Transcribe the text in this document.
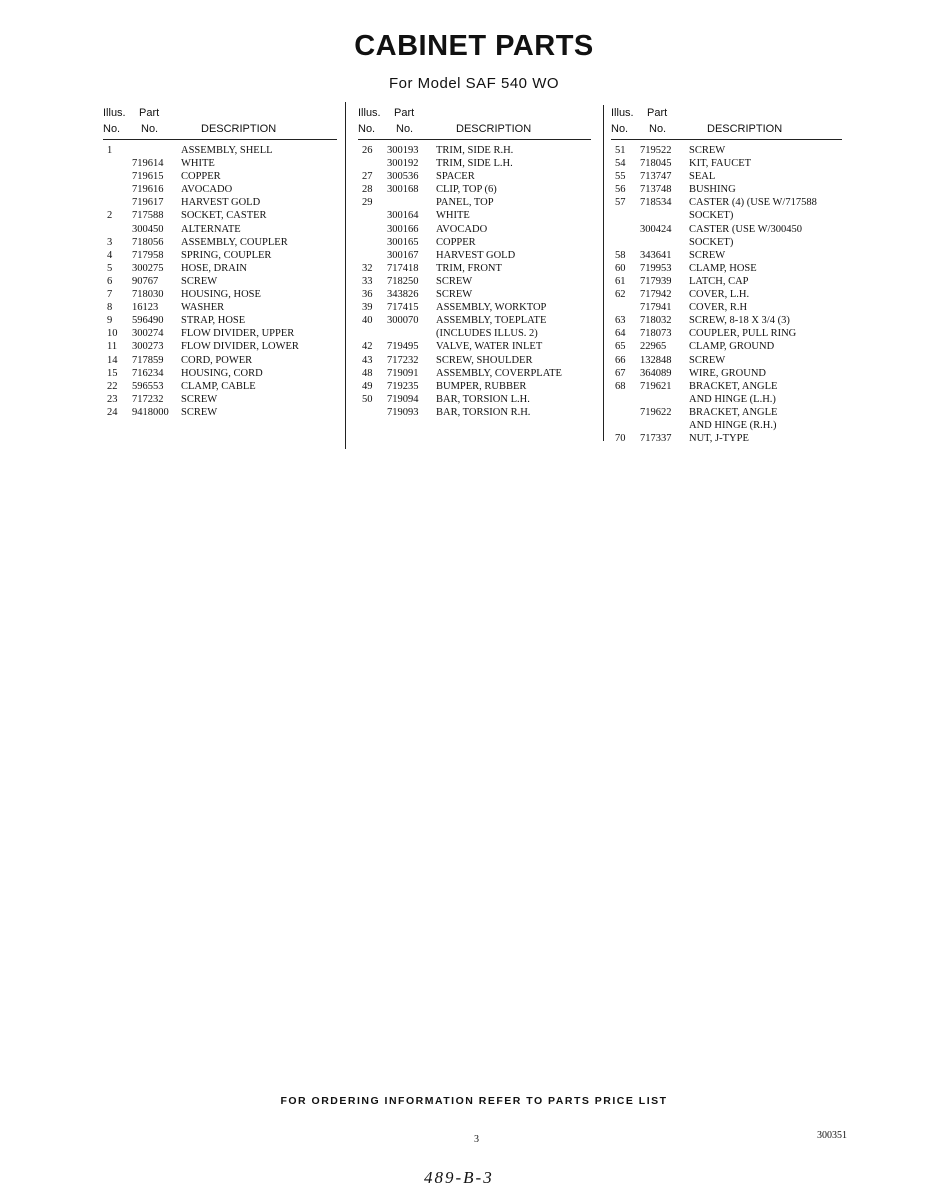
CABINET PARTS
For Model SAF 540 WO
Illus. Part
No. No.	DESCRIPTION
1	ASSEMBLY, SHELL
719614 WHITE
719615 COPPER
719616 AVOCADO
719617 HARVEST GOLD
2 717588 SOCKET, CASTER
300450 ALTERNATE
3 718056 ASSEMBLY, COUPLER
4 717958 SPRING, COUPLER
5 300275 HOSE, DRAIN
6 90767 SCREW
7 718030 HOUSING, HOSE
8 16123 WASHER
9 596490 STRAP, HOSE
10 300274 FLOW DIVIDER, UPPER
11 300273 FLOW DIVIDER, LOWER
14 717859 CORD, POWER
15 716234 HOUSING, CORD
22 596553 CLAMP, CABLE
23 717232 SCREW
24 9418000 SCREW
Illus. Part
No. No.	DESCRIPTION
26 300193 TRIM, SIDE R.H.
300192 TRIM, SIDE L.H.
27 300536 SPACER
28 300168 CLIP, TOP (6)
29	PANEL, TOP
300164 WHITE
300166 AVOCADO
300165 COPPER
300167 HARVEST GOLD
32 717418 TRIM, FRONT
33 718250 SCREW
36 343826 SCREW
39 717415 ASSEMBLY, WORKTOP
40 300070 ASSEMBLY, TOEPLATE
(INCLUDES ILLUS. 2)
42 719495 VALVE, WATER INLET
43 717232 SCREW, SHOULDER
48 719091 ASSEMBLY, COVERPLATE
49 719235 BUMPER, RUBBER
50 719094 BAR, TORSION L.H.
719093 BAR, TORSION R.H.
Illus. Part
No. No.	DESCRIPTION
51 719522 SCREW
54 718045 KIT, FAUCET
55 713747 SEAL
56 713748 BUSHING
57 718534 CASTER (4) (USE W/717588
SOCKET)
300424 CASTER (USE W/300450
SOCKET)
58 343641 SCREW
60 719953 CLAMP, HOSE
61 717939 LATCH, CAP
62 717942 COVER, L.H.
717941 COVER, R.H
63 718032 SCREW, 8-18 X 3/4 (3)
64 718073 COUPLER, PULL RING
65 22965 CLAMP, GROUND
66 132848 SCREW
67 364089 WIRE, GROUND
68 719621 BRACKET, ANGLE
AND HINGE (L.H.)
719622 BRACKET, ANGLE
AND HINGE (R.H.)
70 717337 NUT, J-TYPE
FOR ORDERING INFORMATION REFER TO PARTS PRICE LIST
3	300351
489-B-3
